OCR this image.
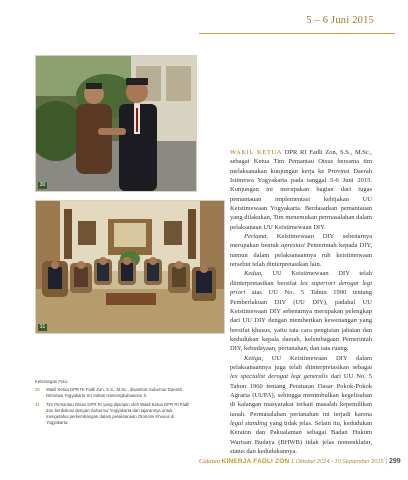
5 – 6 Juni 2015
30
31
Keterangan Foto:
30	Wakil Ketua DPR RI Fadli Zon, S.S., M.Sc., disambut Gubernur Daerah Istimewa Yogyakarta Sri Sultan Hamengkubuwono X.
31	Tim Pemantau Otsus DPR RI yang dipimpin oleh Wakil Ketua DPR RI Fadli Zon berdiskusi dengan Gubernur Yogyakarta dan jajarannya untuk mengetahui perkembangan dalam pelaksanaan Otonomi Khusus di Yogyakarta.

WAKIL KETUA DPR RI Fadli Zon, S.S., M.Sc., sebagai Ketua Tim Pemantau Otsus bersama tim melaksanakan kunjungan kerja ke Provinsi Daerah Istimewa Yogyakarta pada tanggal 5-6 Juni 2015. Kunjungan ini merupakan bagian dari tugas pemantauan implementasi kebijakan UU Keistimewaan Yogyakarta. Berdasarkan pemantauan yang dilakukan, Tim menemukan permasalahan dalam pelaksanaan UU Keistimewaan DIY.

Pertama, Keistimewaan DIY sebenarnya merupakan bentuk apresiasi Pemerintah kepada DIY, namun dalam pelaksanaannya ruh keistimewaan tersebut telah dinterpretasikan lain.

Kedua, UU Keistimewaan DIY telah diinterpretasikan bersifat lex superiori derogat legi priori atas UU No. 5 Tahun 1990 tentang Pemberlakuan DIY (UU DIY), padahal UU Keistimewaan DIY sebenarnya merupakan pelengkap dari UU DIY dengan memberikan kewenangan yang bersifat khusus, yaitu tata cara pengisian jabatan dan kedudukan kepala daerah, kelembagaan Pemerintah DIY, kebudayaan, pertanahan, dan tata ruang.

Ketiga, UU Keistimewaan DIY dalam pelaksanaannya juga telah diinterpretasikan sebagai lex specialist derogat legi generalis dari UU No. 5 Tahun 1960 tentang Peraturan Dasar Pokok-Pokok Agraria (UUPA), sehingga menimbulkan kegelisahan di kalangan masyarakat terkait masalah kepemilikan tanah. Permasalahan pertanahan ini terjadi karena legal standing yang tidak jelas. Selain itu, kedudukan Keraton dan Pakualaman sebagai Badan Hukum Warisan Budaya (BHWB) tidak jelas nomenklatur, status dan kedudukannya.

Catatan KINERJA FADLI ZON 1 Oktober 2014 - 10 September 2015 | 299
